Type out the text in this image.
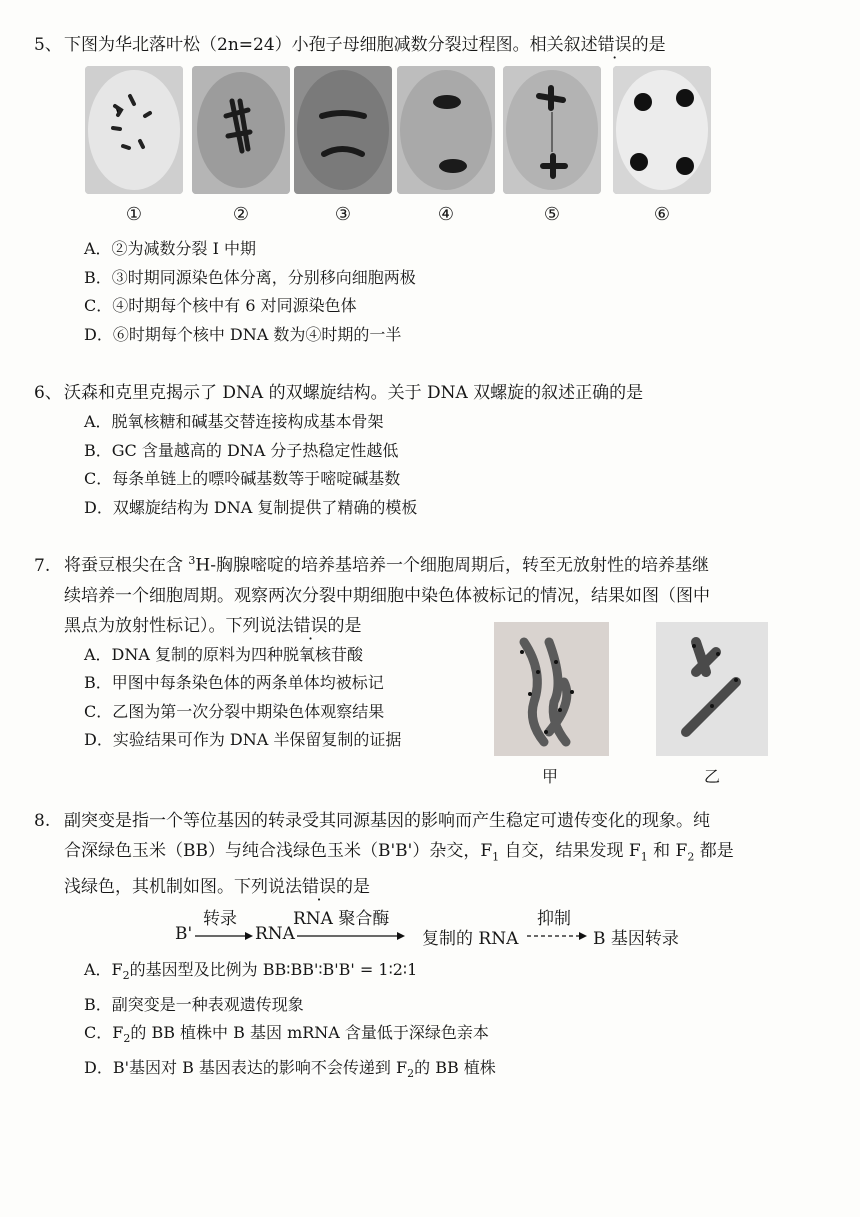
5、 下图为华北落叶松（2n=24）小孢子母细胞减数分裂过程图。相关叙述错误的是
①	②	③	④	⑤	⑥
A．②为减数分裂 I 中期
B．③时期同源染色体分离，分别移向细胞两极
C．④时期每个核中有 6 对同源染色体
D．⑥时期每个核中 DNA 数为④时期的一半
6、 沃森和克里克揭示了 DNA 的双螺旋结构。关于 DNA 双螺旋的叙述正确的是
A．脱氧核糖和碱基交替连接构成基本骨架
B．GC 含量越高的 DNA 分子热稳定性越低
C．每条单链上的嘌呤碱基数等于嘧啶碱基数
D．双螺旋结构为 DNA 复制提供了精确的模板
7. 将蚕豆根尖在含 $^3$H-胸腺嘧啶的培养基培养一个细胞周期后，转至无放射性的培养基继
续培养一个细胞周期。观察两次分裂中期细胞中染色体被标记的情况，结果如图（图中
黑点为放射性标记）。下列说法错误的是
A．DNA 复制的原料为四种脱氧核苷酸
B．甲图中每条染色体的两条单体均被标记
C．乙图为第一次分裂中期染色体观察结果
D．实验结果可作为 DNA 半保留复制的证据
甲	乙
8. 副突变是指一个等位基因的转录受其同源基因的影响而产生稳定可遗传变化的现象。纯
合深绿色玉米（BB）与纯合浅绿色玉米（B'B'）杂交，$F_1$ 自交，结果发现 $F_1$ 和 $F_2$ 都是
浅绿色，其机制如图。下列说法错误的是
B'
转录
RNA
RNA 聚合酶
复制的 RNA
抑制
B 基因转录
A．$F_2$的基因型及比例为 BB∶BB'∶B'B' = 1∶2∶1
B．副突变是一种表观遗传现象
C．$F_2$的 BB 植株中 B 基因 mRNA 含量低于深绿色亲本
D．B'基因对 B 基因表达的影响不会传递到 $F_2$的 BB 植株
